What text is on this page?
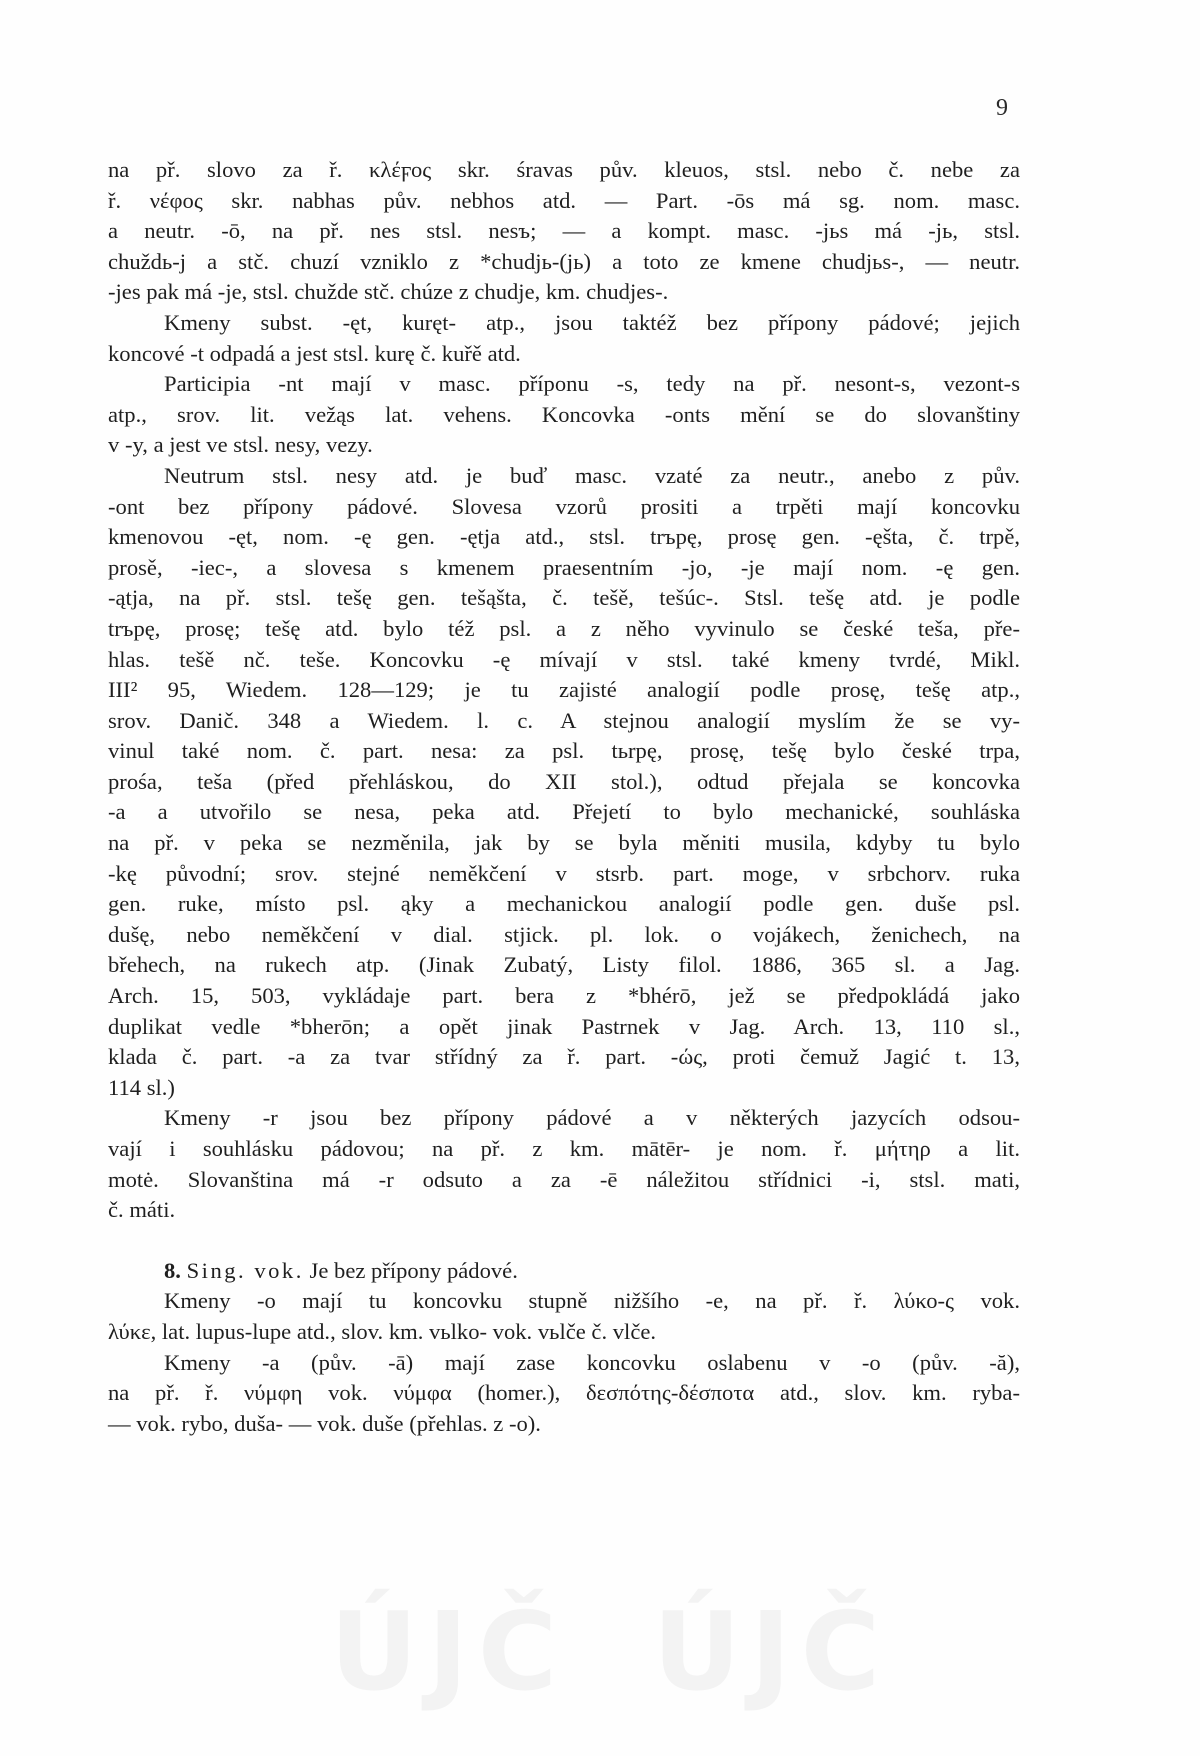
9
na př. slovo za ř. κλέϝος skr. śravas pův. kleuos, stsl. nebo č. nebe za
ř. νέφος skr. nabhas pův. nebhos atd. — Part. -ōs má sg. nom. masc.
a neutr. -ō, na př. nes stsl. nesъ; — a kompt. masc. -jьs má -jь, stsl.
chuždь-j a stč. chuzí vzniklo z *chudjь-(jь) a toto ze kmene chudjьs-, — neutr.
-jes pak má -je, stsl. chužde stč. chúze z chudje, km. chudjes-.
Kmeny subst. -ęt, kuręt- atp., jsou taktéž bez přípony pádové; jejich
koncové -t odpadá a jest stsl. kurę č. kuřě atd.
Participia -nt mají v masc. příponu -s, tedy na př. nesont-s, vezont-s
atp., srov. lit. vežąs lat. vehens. Koncovka -onts mění se do slovanštiny
v -y, a jest ve stsl. nesy, vezy.
Neutrum stsl. nesy atd. je buď masc. vzaté za neutr., anebo z pův.
-ont bez přípony pádové. Slovesa vzorů prositi a trpěti mají koncovku
kmenovou -ęt, nom. -ę gen. -ętja atd., stsl. trъpę, prosę gen. -ęšta, č. trpě,
prosě, -iec-, a slovesa s kmenem praesentním -jo, -je mají nom. -ę gen.
-ątja, na př. stsl. tešę gen. tešąšta, č. tešě, tešúc-. Stsl. tešę atd. je podle
trъpę, prosę; tešę atd. bylo též psl. a z něho vyvinulo se české teša, pře-
hlas. tešě nč. teše. Koncovku -ę mívají v stsl. také kmeny tvrdé, Mikl.
III² 95, Wiedem. 128—129; je tu zajisté analogií podle prosę, tešę atp.,
srov. Danič. 348 a Wiedem. l. c. A stejnou analogií myslím že se vy-
vinul také nom. č. part. nesa: za psl. tьrpę, prosę, tešę bylo české trpa,
prośa, teša (před přehláskou, do XII stol.), odtud přejala se koncovka
-a a utvořilo se nesa, peka atd. Přejetí to bylo mechanické, souhláska
na př. v peka se nezměnila, jak by se byla měniti musila, kdyby tu bylo
-kę původní; srov. stejné neměkčení v stsrb. part. moge, v srbchorv. ruka
gen. ruke, místo psl. ąky a mechanickou analogií podle gen. duše psl.
dušę, nebo neměkčení v dial. stjick. pl. lok. o vojákech, ženichech, na
břehech, na rukech atp. (Jinak Zubatý, Listy filol. 1886, 365 sl. a Jag.
Arch. 15, 503, vykládaje part. bera z *bhérō, jež se předpokládá jako
duplikat vedle *bherōn; a opět jinak Pastrnek v Jag. Arch. 13, 110 sl.,
klada č. part. -a za tvar střídný za ř. part. -ώς, proti čemuž Jagić t. 13,
114 sl.)
Kmeny -r jsou bez přípony pádové a v některých jazycích odsou-
vají i souhlásku pádovou; na př. z km. mātēr- je nom. ř. μήτηρ a lit.
motė. Slovanština má -r odsuto a za -ē náležitou střídnici -i, stsl. mati,
č. máti.
8. Sing. vok. Je bez přípony pádové.
Kmeny -o mají tu koncovku stupně nižšího -e, na př. ř. λύκο-ς vok.
λύκε, lat. lupus-lupe atd., slov. km. vьlko- vok. vьlče č. vlče.
Kmeny -a (pův. -ā) mají zase koncovku oslabenu v -o (pův. -ă),
na př. ř. νύμφη vok. νύμφα (homer.), δεσπότης-δέσποτα atd., slov. km. ryba-
— vok. rybo, duša- — vok. duše (přehlas. z -o).
ÚJČ ÚJČ
